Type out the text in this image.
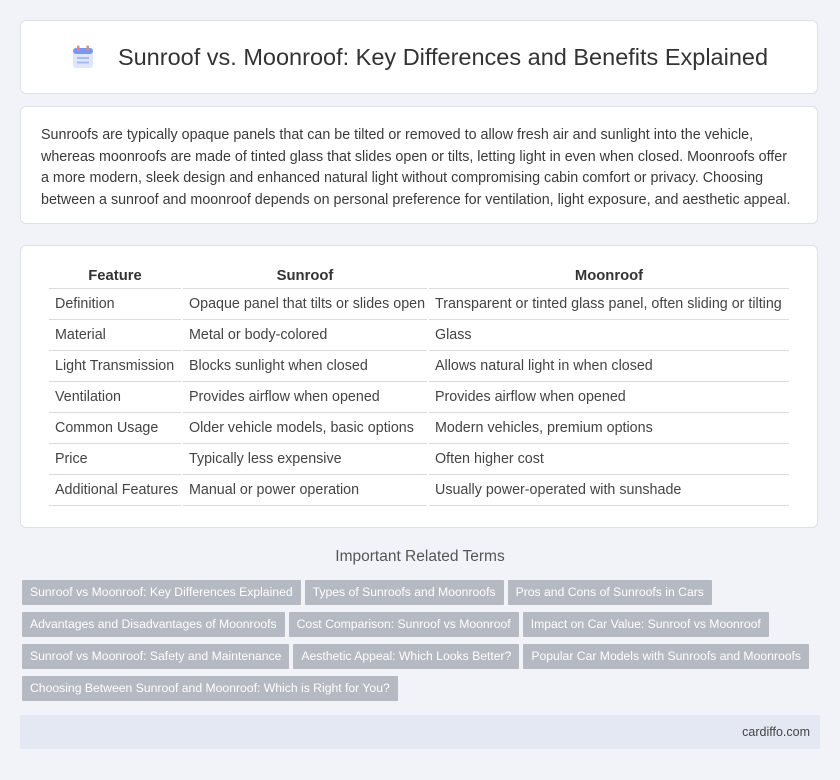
Sunroof vs. Moonroof: Key Differences and Benefits Explained

Sunroofs are typically opaque panels that can be tilted or removed to allow fresh air and sunlight into the vehicle, whereas moonroofs are made of tinted glass that slides open or tilts, letting light in even when closed. Moonroofs offer a more modern, sleek design and enhanced natural light without compromising cabin comfort or privacy. Choosing between a sunroof and moonroof depends on personal preference for ventilation, light exposure, and aesthetic appeal.

Feature	Sunroof	Moonroof
Definition	Opaque panel that tilts or slides open	Transparent or tinted glass panel, often sliding or tilting
Material	Metal or body-colored	Glass
Light Transmission	Blocks sunlight when closed	Allows natural light in when closed
Ventilation	Provides airflow when opened	Provides airflow when opened
Common Usage	Older vehicle models, basic options	Modern vehicles, premium options
Price	Typically less expensive	Often higher cost
Additional Features	Manual or power operation	Usually power-operated with sunshade
Important Related Terms
Sunroof vs Moonroof: Key Differences Explained Types of Sunroofs and Moonroofs Pros and Cons of Sunroofs in Cars
Advantages and Disadvantages of Moonroofs Cost Comparison: Sunroof vs Moonroof Impact on Car Value: Sunroof vs Moonroof
Sunroof vs Moonroof: Safety and Maintenance Aesthetic Appeal: Which Looks Better? Popular Car Models with Sunroofs and Moonroofs
Choosing Between Sunroof and Moonroof: Which is Right for You?
cardiffo.com
